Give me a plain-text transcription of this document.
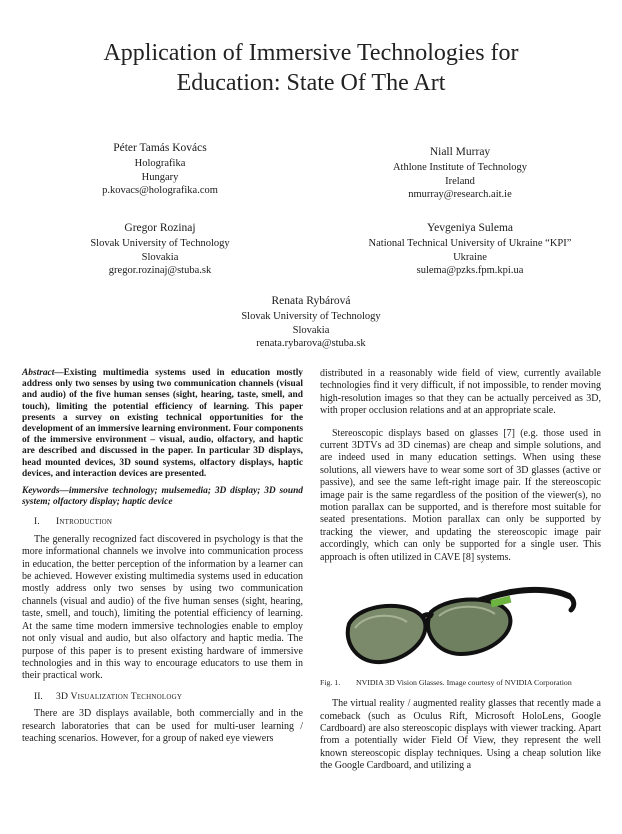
Application of Immersive Technologies for
Education: State Of The Art
Péter Tamás Kovács
Holografika
Hungary
p.kovacs@holografika.com
Niall Murray
Athlone Institute of Technology
Ireland
nmurray@research.ait.ie
Gregor Rozinaj
Slovak University of Technology
Slovakia
gregor.rozinaj@stuba.sk
Yevgeniya Sulema
National Technical University of Ukraine “KPI”
Ukraine
sulema@pzks.fpm.kpi.ua
Renata Rybárová
Slovak University of Technology
Slovakia
renata.rybarova@stuba.sk
Abstract—Existing multimedia systems used in education mostly address only two senses by using two communication channels (visual and audio) of the five human senses (sight, hearing, taste, smell, and touch), limiting the potential efficiency of learning. This paper presents a survey on existing technical opportunities for the development of an immersive learning environment. Four components of the immersive environment – visual, audio, olfactory, and haptic are described and discussed in the paper. In particular 3D displays, head mounted devices, 3D sound systems, olfactory displays, haptic devices, and interaction devices are presented.
Keywords—immersive technology; mulsemedia; 3D display; 3D sound system; olfactory display; haptic device
I. Introduction

The generally recognized fact discovered in psychology is that the more informational channels we involve into communication process in education, the better perception of the information by a learner can be achieved. However existing multimedia systems used in education mostly address only two senses by using two communication channels (visual and audio) of the five human senses (sight, hearing, taste, smell, and touch), limiting the potential efficiency of learning. At the same time modern immersive technologies enable to employ not only visual and audio, but also olfactory and haptic media. The purpose of this paper is to present existing hardware of immersive technologies and in this way to encourage educators to use them in their practical work.

II. 3D Visualization Technology

There are 3D displays available, both commercially and in the research laboratories that can be used for multi-user learning / teaching scenarios. However, for a group of naked eye viewers

distributed in a reasonably wide field of view, currently available technologies find it very difficult, if not impossible, to render moving high-resolution images so that they can be actually perceived as 3D, with proper occlusion relations and at an appropriate scale.

Stereoscopic displays based on glasses [7] (e.g. those used in current 3DTVs ad 3D cinemas) are cheap and simple solutions, and are indeed used in many education settings. When using these solutions, all viewers have to wear some sort of 3D glasses (active or passive), and see the same left-right image pair. If the stereoscopic image pair is the same regardless of the position of the viewer(s), no motion parallax can be supported, and is therefore most suitable for seated presentations. Motion parallax can only be supported by tracking the viewer, and updating the stereoscopic image pair accordingly, which can only be supported for a single user. This approach is often utilized in CAVE [8] systems.

Fig. 1. NVIDIA 3D Vision Glasses. Image courtesy of NVIDIA Corporation

The virtual reality / augmented reality glasses that recently made a comeback (such as Oculus Rift, Microsoft HoloLens, Google Cardboard) are also stereoscopic displays with viewer tracking. Apart from a potentially wider Field Of View, they represent the well known stereoscopic display techniques. Using a cheap solution like the Google Cardboard, and utilizing a
